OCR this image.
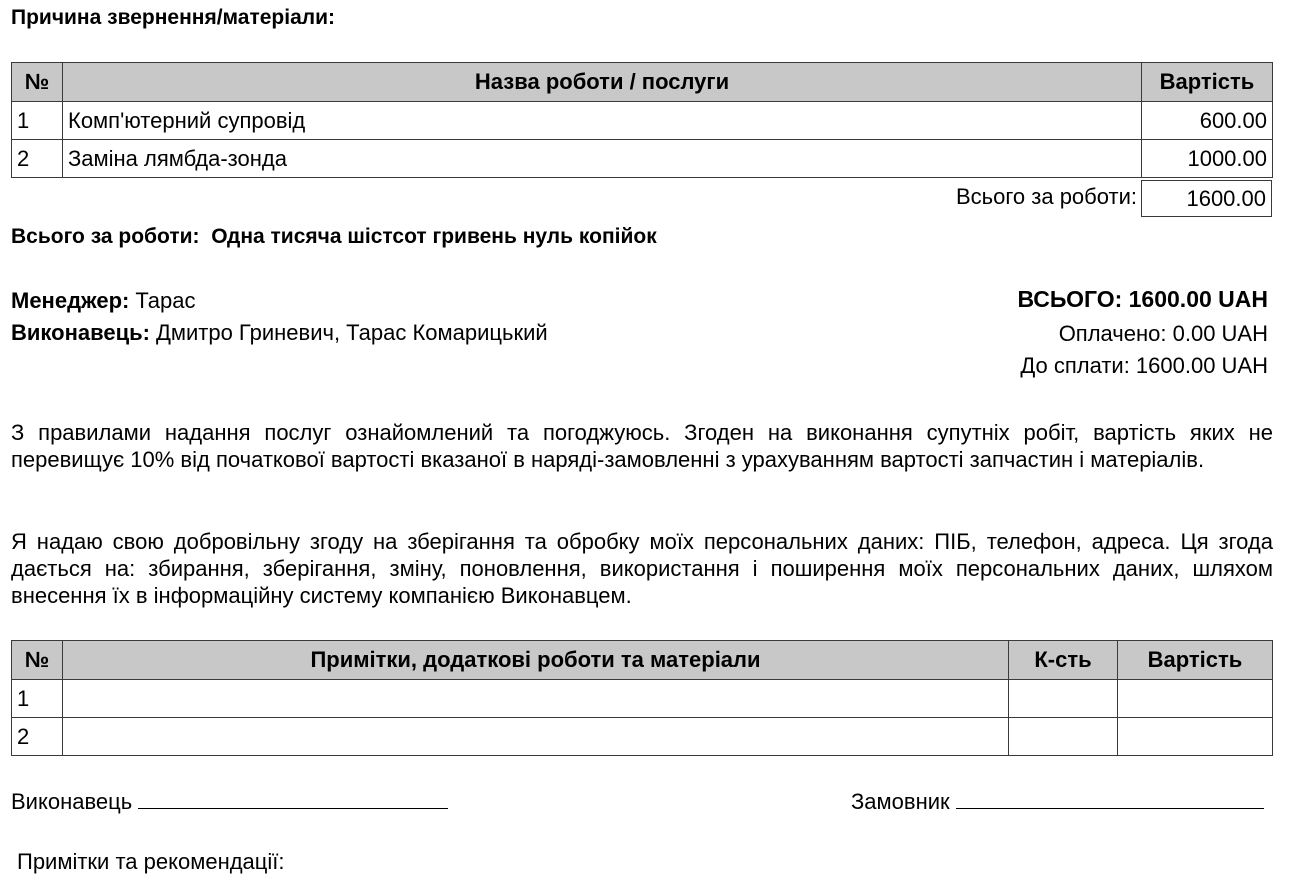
Причина звернення/матеріали:
№	Назва роботи / послуги	Вартість
1	Комп'ютерний супровід	600.00
2	Заміна лямбда-зонда	1000.00
Всього за роботи:	1600.00
Всього за роботи: Одна тисяча шістсот гривень нуль копійок
Менеджер: Тарас
Виконавець: Дмитро Гриневич, Тарас Комарицький
ВСЬОГО: 1600.00 UAH
Оплачено: 0.00 UAH
До сплати: 1600.00 UAH
З правилами надання послуг ознайомлений та погоджуюсь. Згоден на виконання супутніх робіт, вартість яких не перевищує 10% від початкової вартості вказаної в наряді-замовленні з урахуванням вартості запчастин і матеріалів.
Я надаю свою добровільну згоду на зберігання та обробку моїх персональних даних: ПІБ, телефон, адреса. Ця згода дається на: збирання, зберігання, зміну, поновлення, використання і поширення моїх персональних даних, шляхом внесення їх в інформаційну систему компанією Виконавцем.
№	Примітки, додаткові роботи та матеріали	К-сть	Вартість
1			
2			
Виконавець	Замовник
Примітки та рекомендації:
